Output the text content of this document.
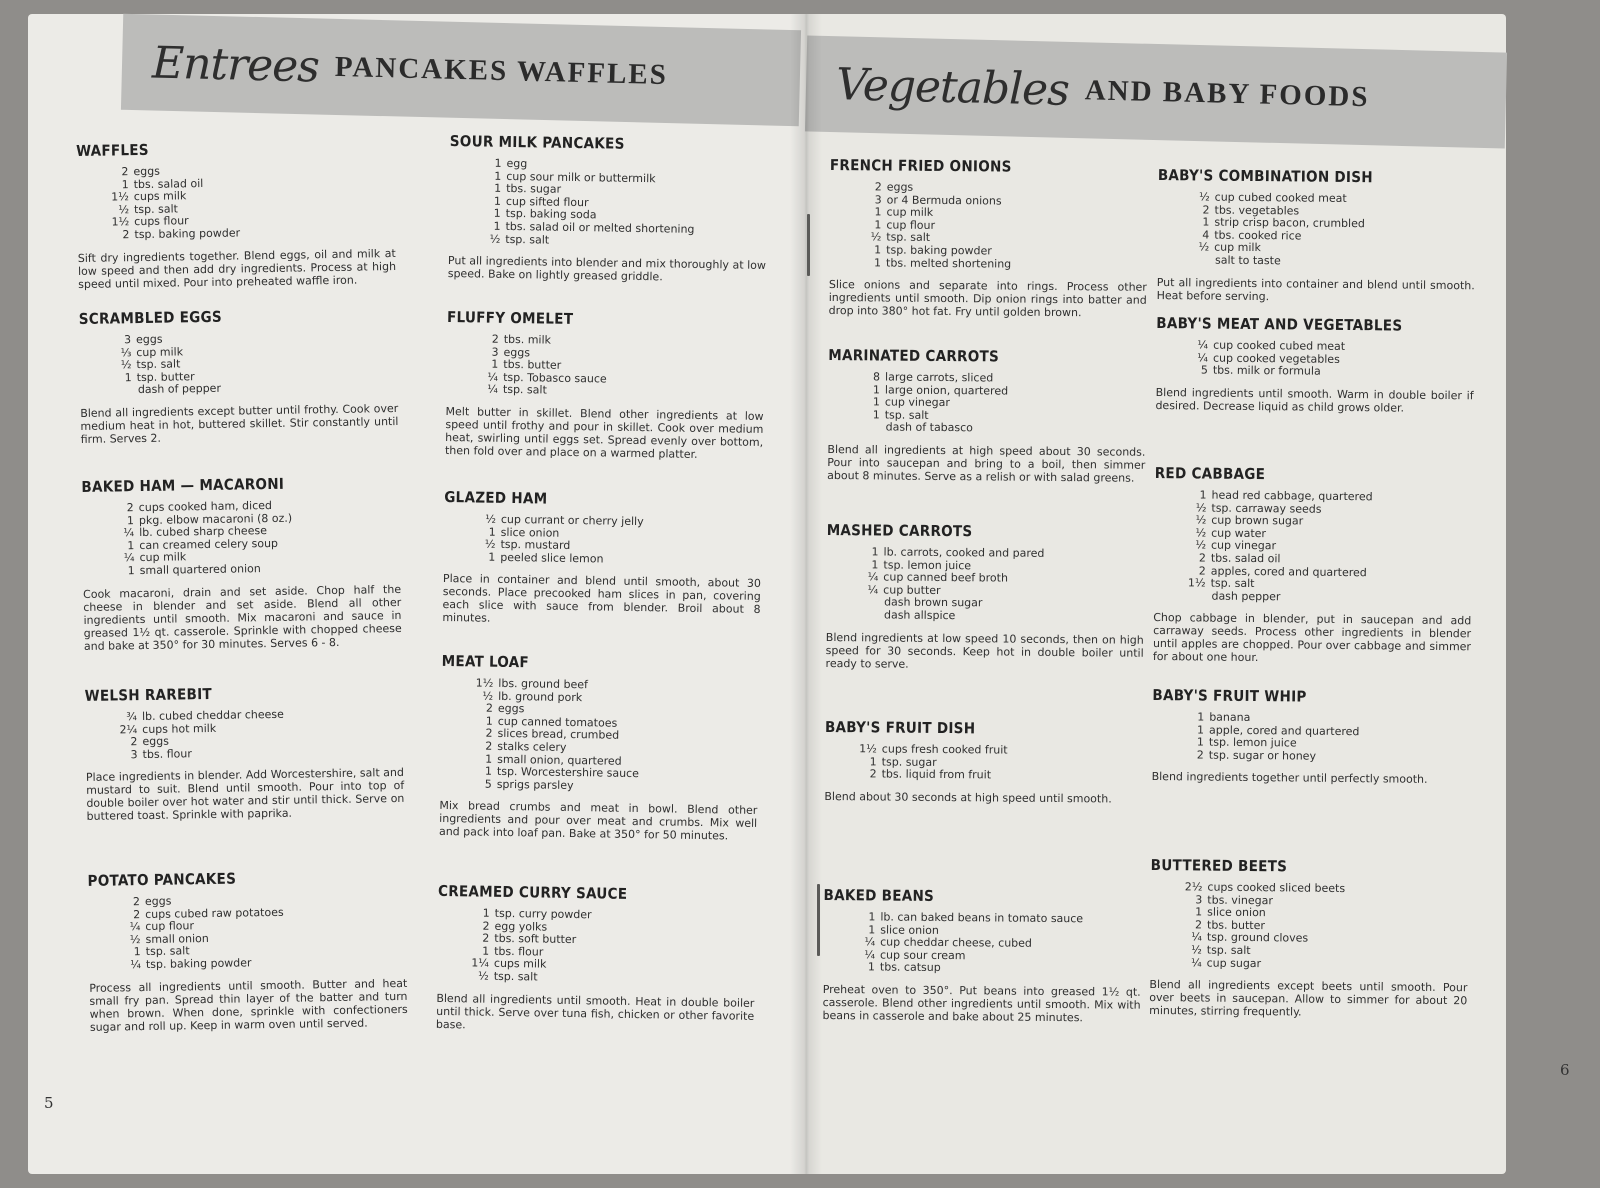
Entrees PANCAKES WAFFLES
WAFFLES
2 eggs
1 tbs. salad oil
1½ cups milk
½ tsp. salt
1½ cups flour
2 tsp. baking powder

Sift dry ingredients together. Blend eggs, oil and milk at low speed and then add dry ingredients. Process at high speed until mixed. Pour into preheated waffle iron.

SCRAMBLED EGGS
3 eggs
⅓ cup milk
½ tsp. salt
1 tsp. butter
dash of pepper

Blend all ingredients except butter until frothy. Cook over medium heat in hot, buttered skillet. Stir constantly until firm. Serves 2.

BAKED HAM — MACARONI
2 cups cooked ham, diced
1 pkg. elbow macaroni (8 oz.)
¼ lb. cubed sharp cheese
1 can creamed celery soup
¼ cup milk
1 small quartered onion

Cook macaroni, drain and set aside. Chop half the cheese in blender and set aside. Blend all other ingredients until smooth. Mix macaroni and sauce in greased 1½ qt. casserole. Sprinkle with chopped cheese and bake at 350° for 30 minutes. Serves 6 - 8.

WELSH RAREBIT
¾ lb. cubed cheddar cheese
2¼ cups hot milk
2 eggs
3 tbs. flour

Place ingredients in blender. Add Worcestershire, salt and mustard to suit. Blend until smooth. Pour into top of double boiler over hot water and stir until thick. Serve on buttered toast. Sprinkle with paprika.

POTATO PANCAKES
2 eggs
2 cups cubed raw potatoes
¼ cup flour
½ small onion
1 tsp. salt
¼ tsp. baking powder

Process all ingredients until smooth. Butter and heat small fry pan. Spread thin layer of the batter and turn when brown. When done, sprinkle with confectioners sugar and roll up. Keep in warm oven until served.

SOUR MILK PANCAKES
1 egg
1 cup sour milk or buttermilk
1 tbs. sugar
1 cup sifted flour
1 tsp. baking soda
1 tbs. salad oil or melted shortening
½ tsp. salt

Put all ingredients into blender and mix thoroughly at low speed. Bake on lightly greased griddle.

FLUFFY OMELET
2 tbs. milk
3 eggs
1 tbs. butter
¼ tsp. Tobasco sauce
¼ tsp. salt

Melt butter in skillet. Blend other ingredients at low speed until frothy and pour in skillet. Cook over medium heat, swirling until eggs set. Spread evenly over bottom, then fold over and place on a warmed platter.

GLAZED HAM
½ cup currant or cherry jelly
1 slice onion
½ tsp. mustard
1 peeled slice lemon

Place in container and blend until smooth, about 30 seconds. Place precooked ham slices in pan, covering each slice with sauce from blender. Broil about 8 minutes.

MEAT LOAF
1½ lbs. ground beef
½ lb. ground pork
2 eggs
1 cup canned tomatoes
2 slices bread, crumbed
2 stalks celery
1 small onion, quartered
1 tsp. Worcestershire sauce
5 sprigs parsley

Mix bread crumbs and meat in bowl. Blend other ingredients and pour over meat and crumbs. Mix well and pack into loaf pan. Bake at 350° for 50 minutes.

CREAMED CURRY SAUCE
1 tsp. curry powder
2 egg yolks
2 tbs. soft butter
1 tbs. flour
1¼ cups milk
½ tsp. salt

Blend all ingredients until smooth. Heat in double boiler until thick. Serve over tuna fish, chicken or other favorite base.

5
Vegetables AND BABY FOODS
FRENCH FRIED ONIONS
2 eggs
3 or 4 Bermuda onions
1 cup milk
1 cup flour
½ tsp. salt
1 tsp. baking powder
1 tbs. melted shortening

Slice onions and separate into rings. Process other ingredients until smooth. Dip onion rings into batter and drop into 380° hot fat. Fry until golden brown.

MARINATED CARROTS
8 large carrots, sliced
1 large onion, quartered
1 cup vinegar
1 tsp. salt
dash of tabasco

Blend all ingredients at high speed about 30 seconds. Pour into saucepan and bring to a boil, then simmer about 8 minutes. Serve as a relish or with salad greens.

MASHED CARROTS
1 lb. carrots, cooked and pared
1 tsp. lemon juice
¼ cup canned beef broth
¼ cup butter
dash brown sugar
dash allspice

Blend ingredients at low speed 10 seconds, then on high speed for 30 seconds. Keep hot in double boiler until ready to serve.

BABY'S FRUIT DISH
1½ cups fresh cooked fruit
1 tsp. sugar
2 tbs. liquid from fruit

Blend about 30 seconds at high speed until smooth.

BAKED BEANS
1 lb. can baked beans in tomato sauce
1 slice onion
¼ cup cheddar cheese, cubed
¼ cup sour cream
1 tbs. catsup

Preheat oven to 350°. Put beans into greased 1½ qt. casserole. Blend other ingredients until smooth. Mix with beans in casserole and bake about 25 minutes.

BABY'S COMBINATION DISH
½ cup cubed cooked meat
2 tbs. vegetables
1 strip crisp bacon, crumbled
4 tbs. cooked rice
½ cup milk
salt to taste

Put all ingredients into container and blend until smooth. Heat before serving.

BABY'S MEAT AND VEGETABLES
¼ cup cooked cubed meat
¼ cup cooked vegetables
5 tbs. milk or formula

Blend ingredients until smooth. Warm in double boiler if desired. Decrease liquid as child grows older.

RED CABBAGE
1 head red cabbage, quartered
½ tsp. carraway seeds
½ cup brown sugar
½ cup water
½ cup vinegar
2 tbs. salad oil
2 apples, cored and quartered
1½ tsp. salt
dash pepper

Chop cabbage in blender, put in saucepan and add carraway seeds. Process other ingredients in blender until apples are chopped. Pour over cabbage and simmer for about one hour.

BABY'S FRUIT WHIP
1 banana
1 apple, cored and quartered
1 tsp. lemon juice
2 tsp. sugar or honey

Blend ingredients together until perfectly smooth.

BUTTERED BEETS
2½ cups cooked sliced beets
3 tbs. vinegar
1 slice onion
2 tbs. butter
¼ tsp. ground cloves
½ tsp. salt
¼ cup sugar

Blend all ingredients except beets until smooth. Pour over beets in saucepan. Allow to simmer for about 20 minutes, stirring frequently.

6
